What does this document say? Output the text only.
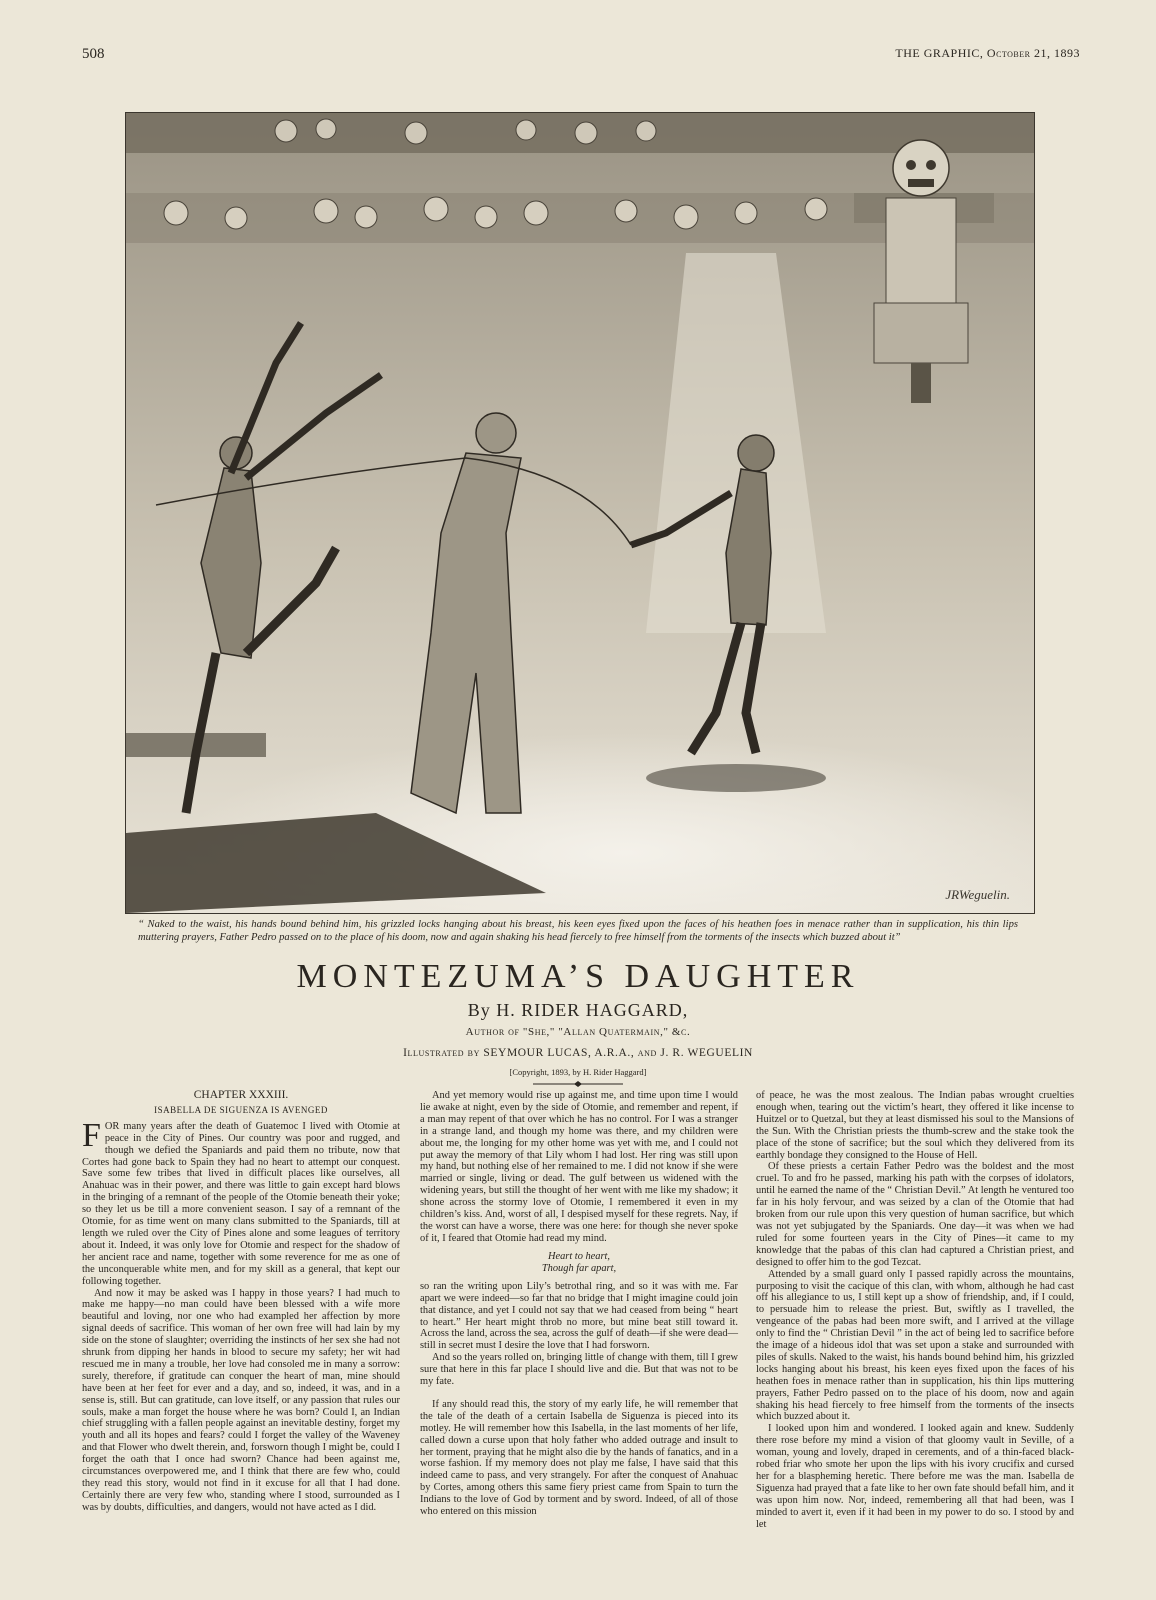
508	THE GRAPHIC, October 21, 1893
JRWeguelin.
“ Naked to the waist, his hands bound behind him, his grizzled locks hanging about his breast, his keen eyes fixed upon the faces of his heathen foes in menace rather than in supplication, his thin lips muttering prayers, Father Pedro passed on to the place of his doom, now and again shaking his head fiercely to free himself from the torments of the insects which buzzed about it”
MONTEZUMA’S DAUGHTER
By H. RIDER HAGGARD,
Author of "She," "Allan Quatermain," &c.
Illustrated by SEYMOUR LUCAS, A.R.A., and J. R. WEGUELIN
[Copyright, 1893, by H. Rider Haggard]
CHAPTER XXXIII.
ISABELLA DE SIGUENZA IS AVENGED

FOR many years after the death of Guatemoc I lived with Otomie at peace in the City of Pines. Our country was poor and rugged, and though we defied the Spaniards and paid them no tribute, now that Cortes had gone back to Spain they had no heart to attempt our conquest. Save some few tribes that lived in difficult places like ourselves, all Anahuac was in their power, and there was little to gain except hard blows in the bringing of a remnant of the people of the Otomie beneath their yoke; so they let us be till a more convenient season. I say of a remnant of the Otomie, for as time went on many clans submitted to the Spaniards, till at length we ruled over the City of Pines alone and some leagues of territory about it. Indeed, it was only love for Otomie and respect for the shadow of her ancient race and name, together with some reverence for me as one of the unconquerable white men, and for my skill as a general, that kept our following together.

And now it may be asked was I happy in those years? I had much to make me happy—no man could have been blessed with a wife more beautiful and loving, nor one who had exampled her affection by more signal deeds of sacrifice. This woman of her own free will had lain by my side on the stone of slaughter; overriding the instincts of her sex she had not shrunk from dipping her hands in blood to secure my safety; her wit had rescued me in many a trouble, her love had consoled me in many a sorrow: surely, therefore, if gratitude can conquer the heart of man, mine should have been at her feet for ever and a day, and so, indeed, it was, and in a sense is, still. But can gratitude, can love itself, or any passion that rules our souls, make a man forget the house where he was born? Could I, an Indian chief struggling with a fallen people against an inevitable destiny, forget my youth and all its hopes and fears? could I forget the valley of the Waveney and that Flower who dwelt therein, and, forsworn though I might be, could I forget the oath that I once had sworn? Chance had been against me, circumstances overpowered me, and I think that there are few who, could they read this story, would not find in it excuse for all that I had done. Certainly there are very few who, standing where I stood, surrounded as I was by doubts, difficulties, and dangers, would not have acted as I did.

And yet memory would rise up against me, and time upon time I would lie awake at night, even by the side of Otomie, and remember and repent, if a man may repent of that over which he has no control. For I was a stranger in a strange land, and though my home was there, and my children were about me, the longing for my other home was yet with me, and I could not put away the memory of that Lily whom I had lost. Her ring was still upon my hand, but nothing else of her remained to me. I did not know if she were married or single, living or dead. The gulf between us widened with the widening years, but still the thought of her went with me like my shadow; it shone across the stormy love of Otomie, I remembered it even in my children’s kiss. And, worst of all, I despised myself for these regrets. Nay, if the worst can have a worse, there was one here: for though she never spoke of it, I feared that Otomie had read my mind.

Heart to heart,
Though far apart,

so ran the writing upon Lily’s betrothal ring, and so it was with me. Far apart we were indeed—so far that no bridge that I might imagine could join that distance, and yet I could not say that we had ceased from being “ heart to heart.” Her heart might throb no more, but mine beat still toward it. Across the land, across the sea, across the gulf of death—if she were dead—still in secret must I desire the love that I had forsworn.

And so the years rolled on, bringing little of change with them, till I grew sure that here in this far place I should live and die. But that was not to be my fate.

If any should read this, the story of my early life, he will remember that the tale of the death of a certain Isabella de Siguenza is pieced into its motley. He will remember how this Isabella, in the last moments of her life, called down a curse upon that holy father who added outrage and insult to her torment, praying that he might also die by the hands of fanatics, and in a worse fashion. If my memory does not play me false, I have said that this indeed came to pass, and very strangely. For after the conquest of Anahuac by Cortes, among others this same fiery priest came from Spain to turn the Indians to the love of God by torment and by sword. Indeed, of all of those who entered on this mission

of peace, he was the most zealous. The Indian pabas wrought cruelties enough when, tearing out the victim’s heart, they offered it like incense to Huitzel or to Quetzal, but they at least dismissed his soul to the Mansions of the Sun. With the Christian priests the thumb-screw and the stake took the place of the stone of sacrifice; but the soul which they delivered from its earthly bondage they consigned to the House of Hell.

Of these priests a certain Father Pedro was the boldest and the most cruel. To and fro he passed, marking his path with the corpses of idolators, until he earned the name of the “ Christian Devil.” At length he ventured too far in his holy fervour, and was seized by a clan of the Otomie that had broken from our rule upon this very question of human sacrifice, but which was not yet subjugated by the Spaniards. One day—it was when we had ruled for some fourteen years in the City of Pines—it came to my knowledge that the pabas of this clan had captured a Christian priest, and designed to offer him to the god Tezcat.

Attended by a small guard only I passed rapidly across the mountains, purposing to visit the cacique of this clan, with whom, although he had cast off his allegiance to us, I still kept up a show of friendship, and, if I could, to persuade him to release the priest. But, swiftly as I travelled, the vengeance of the pabas had been more swift, and I arrived at the village only to find the “ Christian Devil ” in the act of being led to sacrifice before the image of a hideous idol that was set upon a stake and surrounded with piles of skulls. Naked to the waist, his hands bound behind him, his grizzled locks hanging about his breast, his keen eyes fixed upon the faces of his heathen foes in menace rather than in supplication, his thin lips muttering prayers, Father Pedro passed on to the place of his doom, now and again shaking his head fiercely to free himself from the torments of the insects which buzzed about it.

I looked upon him and wondered. I looked again and knew. Suddenly there rose before my mind a vision of that gloomy vault in Seville, of a woman, young and lovely, draped in cerements, and of a thin-faced black-robed friar who smote her upon the lips with his ivory crucifix and cursed her for a blaspheming heretic. There before me was the man. Isabella de Siguenza had prayed that a fate like to her own fate should befall him, and it was upon him now. Nor, indeed, remembering all that had been, was I minded to avert it, even if it had been in my power to do so. I stood by and let
